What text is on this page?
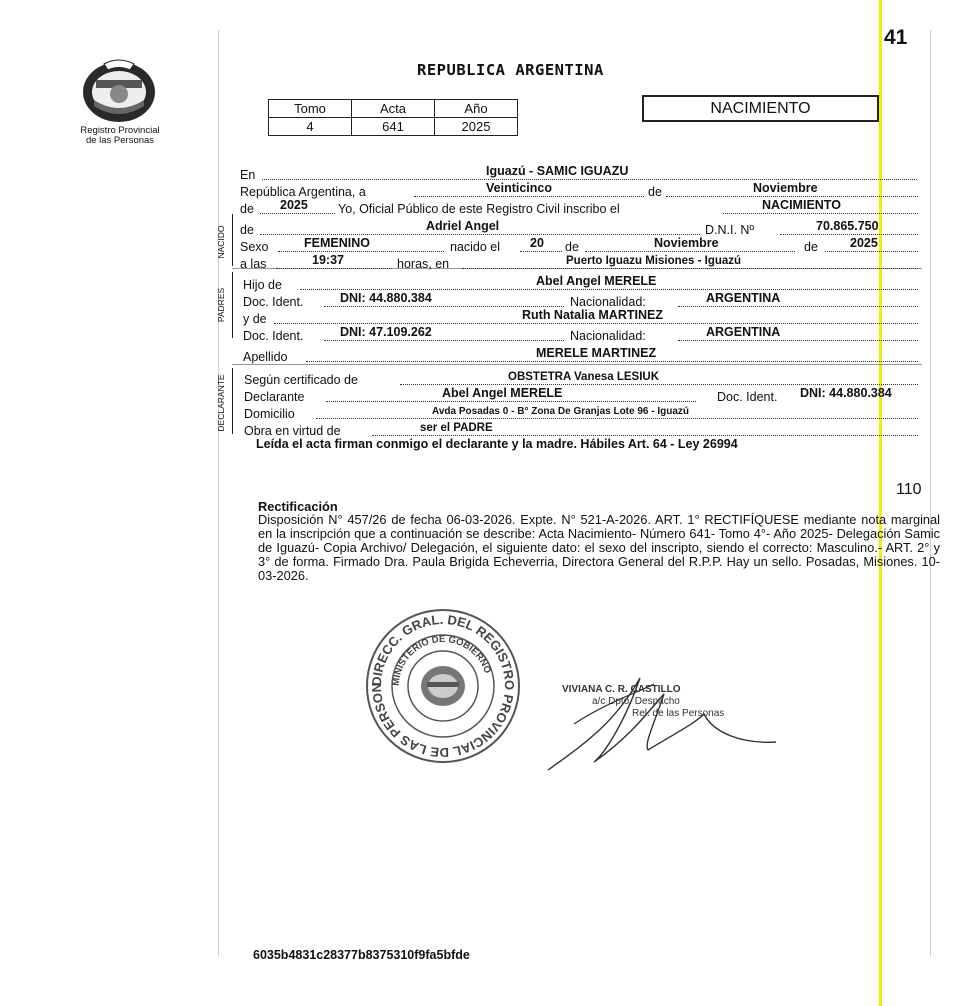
41
Registro Provincial
de las Personas
REPUBLICA ARGENTINA
Tomo	Acta	Año
4	641	2025
NACIMIENTO
NACIDO
PADRES
DECLARANTE
En	Iguazú - SAMIC IGUAZU
República Argentina, a	Veinticinco	de	Noviembre
de 2025 Yo, Oficial Público de este Registro Civil inscribo el	NACIMIENTO
de	Adriel Angel	D.N.I. Nº	70.865.750
Sexo	FEMENINO	nacido el 20 de	Noviembre	de	2025
a las	19:37	horas, en	Puerto Iguazu Misiones - Iguazú
Hijo de	Abel Angel MERELE
Doc. Ident.	DNI: 44.880.384	Nacionalidad:	ARGENTINA
y de	Ruth Natalia MARTINEZ
Doc. Ident.	DNI: 47.109.262	Nacionalidad:	ARGENTINA
Apellido	MERELE MARTINEZ
Según certificado de	OBSTETRA Vanesa LESIUK
Declarante	Abel Angel MERELE	Doc. Ident. DNI: 44.880.384
Domicilio	Avda Posadas 0 - B° Zona De Granjas Lote 96 - Iguazú
Obra en virtud de	ser el PADRE
Leída el acta firman conmigo el declarante y la madre. Hábiles Art. 64 - Ley 26994
110
Rectificación
Disposición N° 457/26 de fecha 06-03-2026. Expte. N° 521-A-2026. ART. 1° RECTIFÍQUESE mediante nota marginal en la inscripción que a continuación se describe: Acta Nacimiento- Número 641- Tomo 4°- Año 2025- Delegación Samic de Iguazú- Copia Archivo/ Delegación, el siguiente dato: el sexo del inscripto, siendo el correcto: Masculino.- ART. 2° y 3° de forma. Firmado Dra. Paula Brigida Echeverria, Directora General del R.P.P. Hay un sello. Posadas, Misiones. 10-03-2026.
DIRECC. GRAL. DEL REGISTRO PROVINCIAL DE LAS PERSON
MINISTERIO DE GOBIERNO
VIVIANA C. R. CASTILLO
a/c Dpto. Despacho
Rel. de las Personas
6035b4831c28377b8375310f9fa5bfde
